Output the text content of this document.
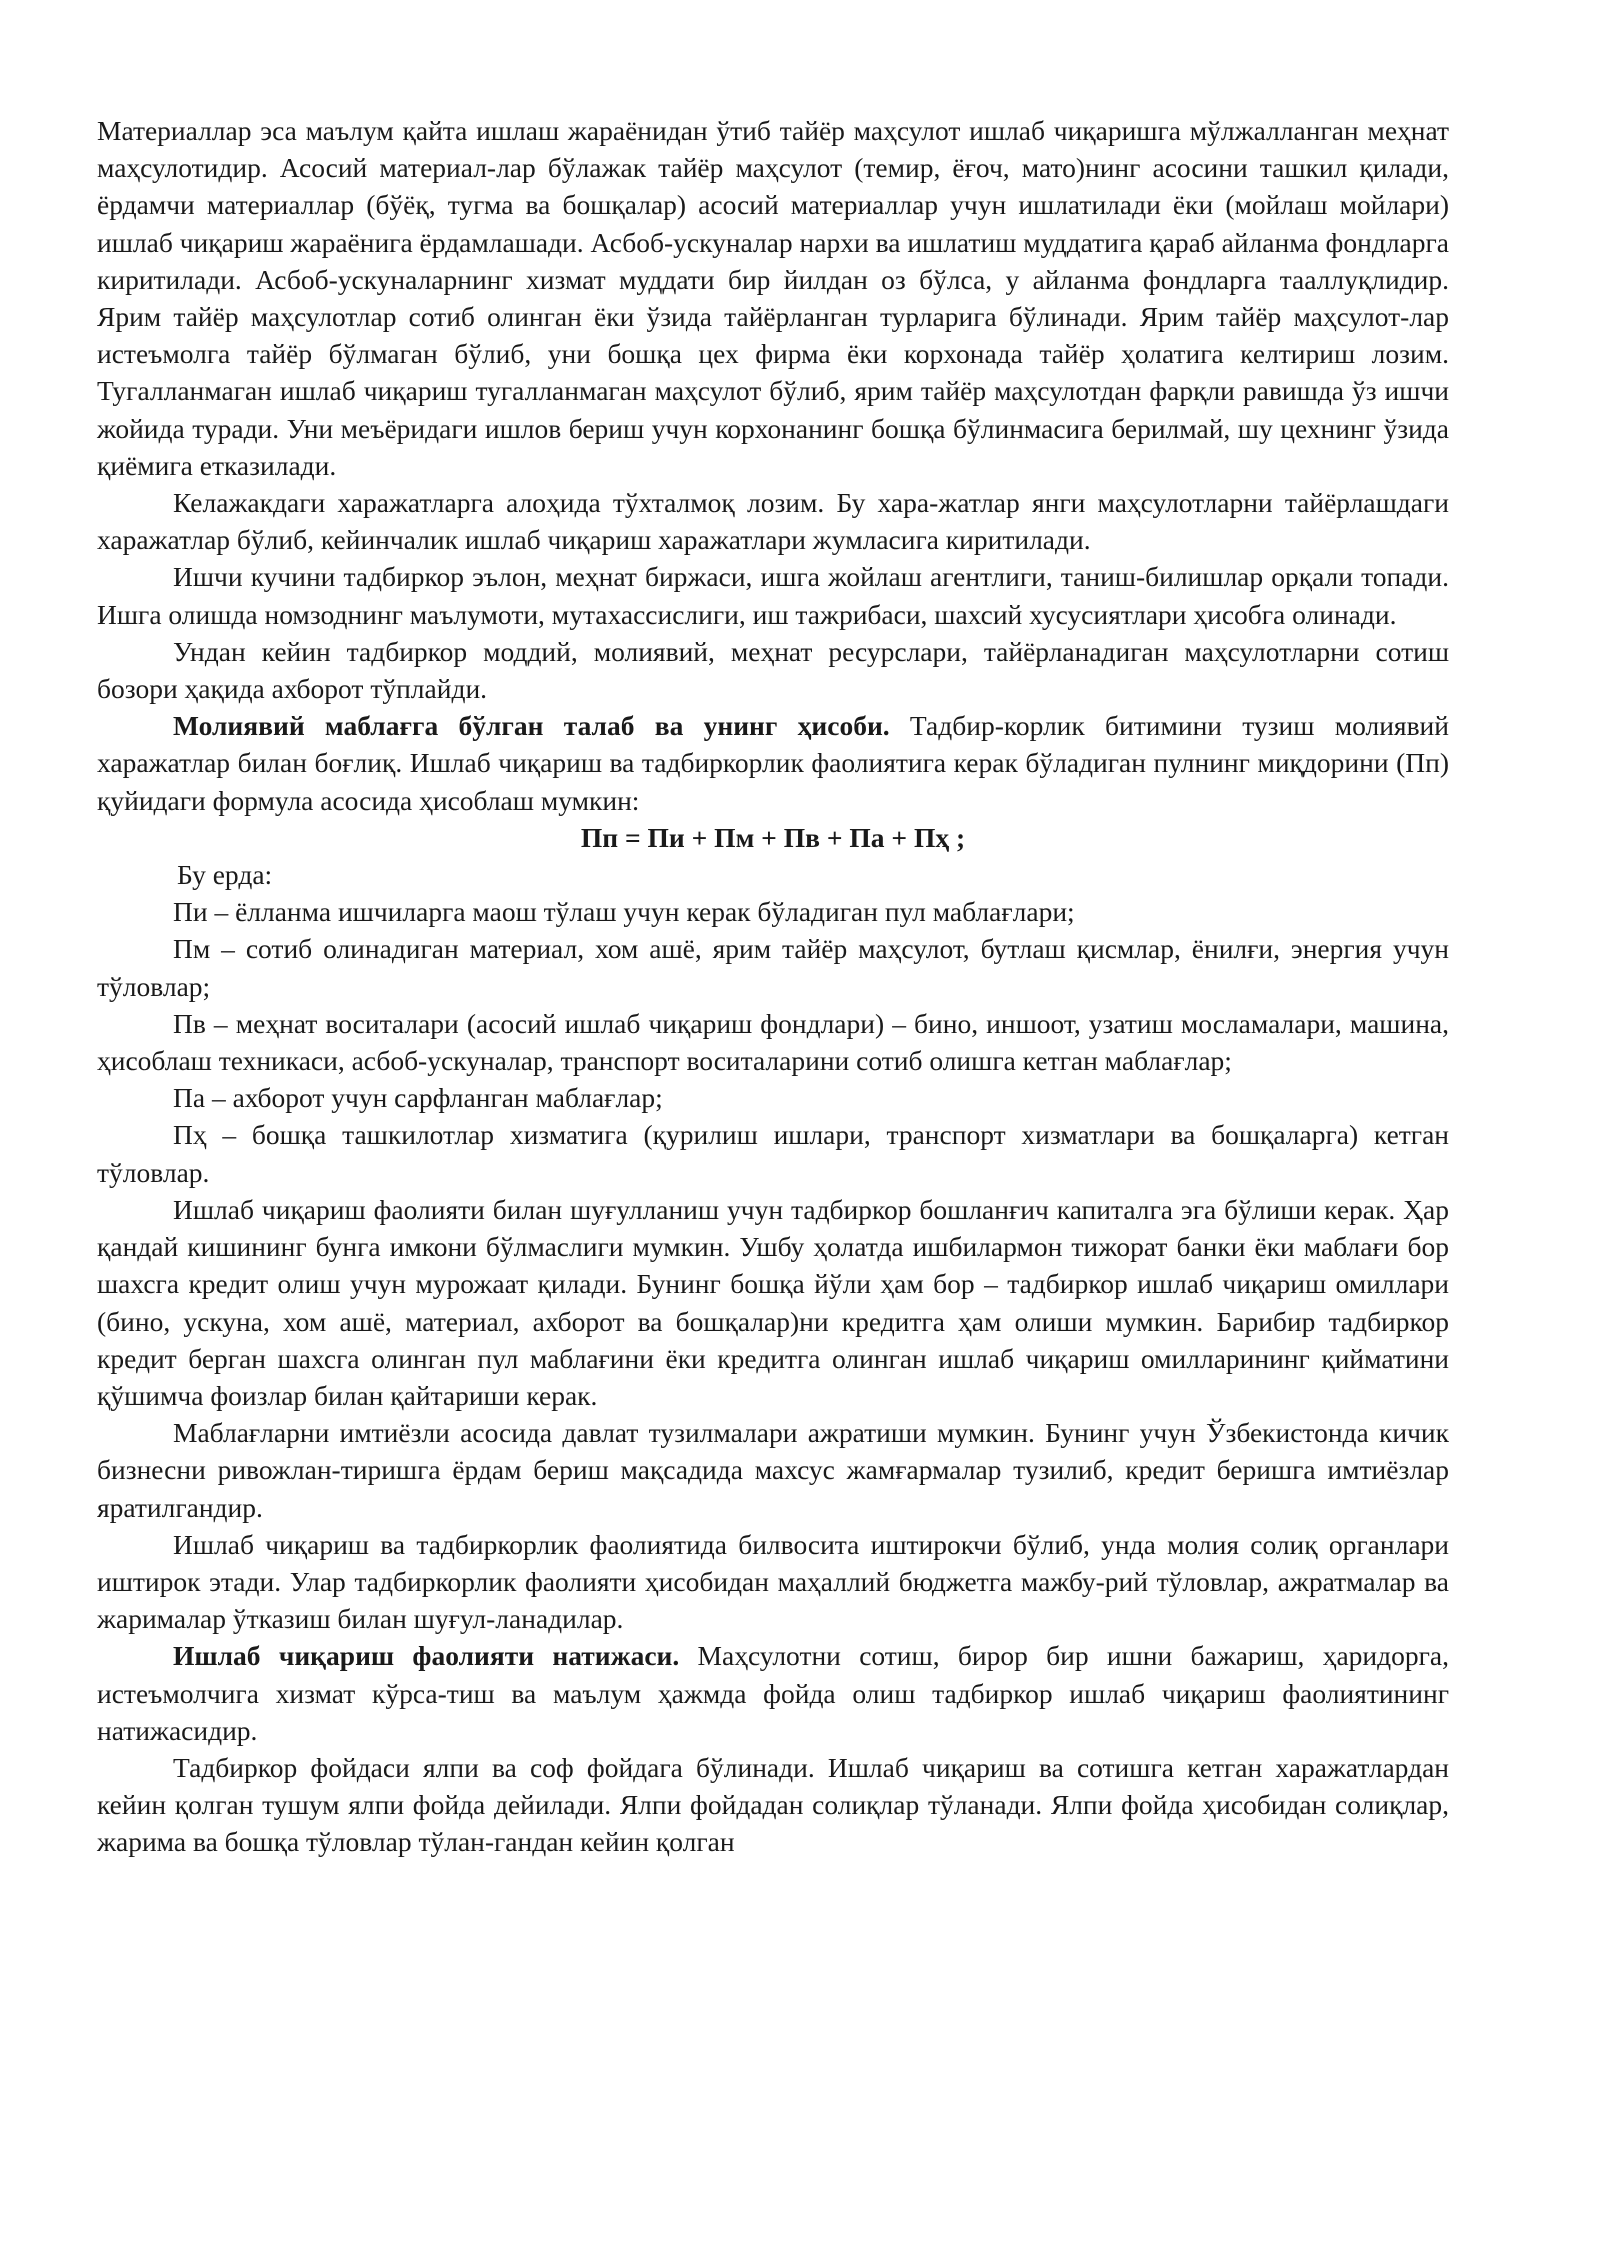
Материаллар эса маълум қайта ишлаш жараёнидан ўтиб тайёр маҳсулот ишлаб чиқаришга мўлжалланган меҳнат маҳсулотидир. Асосий материал-лар бўлажак тайёр маҳсулот (темир, ёғоч, мато)нинг асосини ташкил қилади, ёрдамчи материаллар (бўёқ, тугма ва бошқалар) асосий материаллар учун ишлатилади ёки (мойлаш мойлари) ишлаб чиқариш жараёнига ёрдамлашади. Асбоб-ускуналар нархи ва ишлатиш муддатига қараб айланма фондларга киритилади. Асбоб-ускуналарнинг хизмат муддати бир йилдан оз бўлса, у айланма фондларга тааллуқлидир. Ярим тайёр маҳсулотлар сотиб олинган ёки ўзида тайёрланган турларига бўлинади. Ярим тайёр маҳсулот-лар истеъмолга тайёр бўлмаган бўлиб, уни бошқа цех фирма ёки корхонада тайёр ҳолатига келтириш лозим. Тугалланмаган ишлаб чиқариш тугалланмаган маҳсулот бўлиб, ярим тайёр маҳсулотдан фарқли равишда ўз ишчи жойида туради. Уни меъёридаги ишлов бериш учун корхонанинг бошқа бўлинмасига берилмай, шу цехнинг ўзида қиёмига етказилади.

Келажакдаги харажатларга алоҳида тўхталмоқ лозим. Бу хара-жатлар янги маҳсулотларни тайёрлашдаги харажатлар бўлиб, кейинчалик ишлаб чиқариш харажатлари жумласига киритилади.

Ишчи кучини тадбиркор эълон, меҳнат биржаси, ишга жойлаш агентлиги, таниш-билишлар орқали топади. Ишга олишда номзоднинг маълумоти, мутахассислиги, иш тажрибаси, шахсий хусусиятлари ҳисобга олинади.

Ундан кейин тадбиркор моддий, молиявий, меҳнат ресурслари, тайёрланадиган маҳсулотларни сотиш бозори ҳақида ахборот тўплайди.

Молиявий маблағга бўлган талаб ва унинг ҳисоби. Тадбир-корлик битимини тузиш молиявий харажатлар билан боғлиқ. Ишлаб чиқариш ва тадбиркорлик фаолиятига керак бўладиган пулнинг миқдорини (Пп) қуйидаги формула асосида ҳисоблаш мумкин:

Пп = Пи + Пм + Пв + Па + Пҳ ;

Бу ерда:

Пи – ёлланма ишчиларга маош тўлаш учун керак бўладиган пул маблағлари;

Пм – сотиб олинадиган материал, хом ашё, ярим тайёр маҳсулот, бутлаш қисмлар, ёнилғи, энергия учун тўловлар;

Пв – меҳнат воситалари (асосий ишлаб чиқариш фондлари) – бино, иншоот, узатиш мосламалари, машина, ҳисоблаш техникаси, асбоб-ускуналар, транспорт воситаларини сотиб олишга кетган маблағлар;

Па – ахборот учун сарфланган маблағлар;

Пҳ – бошқа ташкилотлар хизматига (қурилиш ишлари, транспорт хизматлари ва бошқаларга) кетган тўловлар.

Ишлаб чиқариш фаолияти билан шуғулланиш учун тадбиркор бошланғич капиталга эга бўлиши керак. Ҳар қандай кишининг бунга имкони бўлмаслиги мумкин. Ушбу ҳолатда ишбилармон тижорат банки ёки маблағи бор шахсга кредит олиш учун мурожаат қилади. Бунинг бошқа йўли ҳам бор – тадбиркор ишлаб чиқариш омиллари (бино, ускуна, хом ашё, материал, ахборот ва бошқалар)ни кредитга ҳам олиши мумкин. Барибир тадбиркор кредит берган шахсга олинган пул маблағини ёки кредитга олинган ишлаб чиқариш омилларининг қийматини қўшимча фоизлар билан қайтариши керак.

Маблағларни имтиёзли асосида давлат тузилмалари ажратиши мумкин. Бунинг учун Ўзбекистонда кичик бизнесни ривожлан-тиришга ёрдам бериш мақсадида махсус жамғармалар тузилиб, кредит беришга имтиёзлар яратилгандир.

Ишлаб чиқариш ва тадбиркорлик фаолиятида билвосита иштирокчи бўлиб, унда молия солиқ органлари иштирок этади. Улар тадбиркорлик фаолияти ҳисобидан маҳаллий бюджетга мажбу-рий тўловлар, ажратмалар ва жарималар ўтказиш билан шуғул-ланадилар.

Ишлаб чиқариш фаолияти натижаси. Маҳсулотни сотиш, бирор бир ишни бажариш, ҳаридорга, истеъмолчига хизмат кўрса-тиш ва маълум ҳажмда фойда олиш тадбиркор ишлаб чиқариш фаолиятининг натижасидир.

Тадбиркор фойдаси ялпи ва соф фойдага бўлинади. Ишлаб чиқариш ва сотишга кетган харажатлардан кейин қолган тушум ялпи фойда дейилади. Ялпи фойдадан солиқлар тўланади. Ялпи фойда ҳисобидан солиқлар, жарима ва бошқа тўловлар тўлан-гандан кейин қолган
